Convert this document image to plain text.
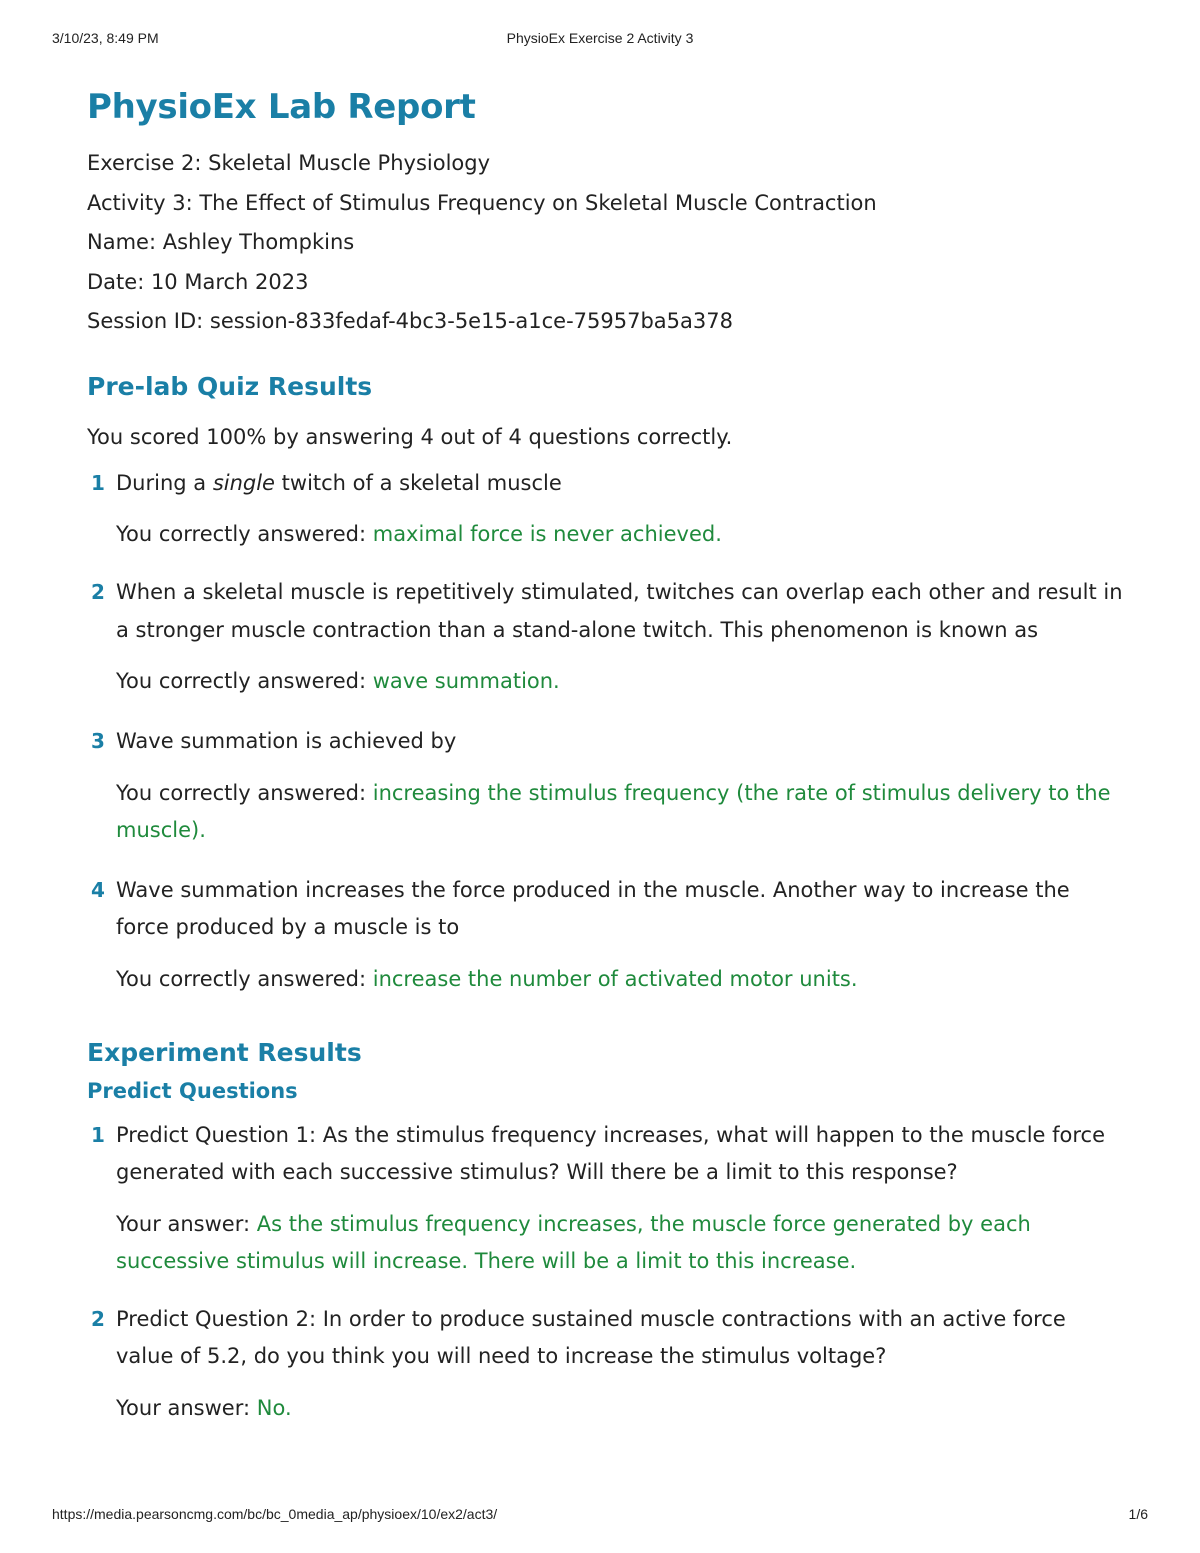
3/10/23, 8:49 PM	PhysioEx Exercise 2 Activity 3
PhysioEx Lab Report
Exercise 2: Skeletal Muscle Physiology
Activity 3: The Effect of Stimulus Frequency on Skeletal Muscle Contraction
Name: Ashley Thompkins
Date: 10 March 2023
Session ID: session-833fedaf-4bc3-5e15-a1ce-75957ba5a378
Pre-lab Quiz Results
You scored 100% by answering 4 out of 4 questions correctly.
1 During a single twitch of a skeletal muscle
You correctly answered: maximal force is never achieved.
2 When a skeletal muscle is repetitively stimulated, twitches can overlap each other and result in a stronger muscle contraction than a stand-alone twitch. This phenomenon is known as
You correctly answered: wave summation.
3 Wave summation is achieved by
You correctly answered: increasing the stimulus frequency (the rate of stimulus delivery to the muscle).
4 Wave summation increases the force produced in the muscle. Another way to increase the force produced by a muscle is to
You correctly answered: increase the number of activated motor units.
Experiment Results
Predict Questions
1 Predict Question 1: As the stimulus frequency increases, what will happen to the muscle force generated with each successive stimulus? Will there be a limit to this response?
Your answer: As the stimulus frequency increases, the muscle force generated by each successive stimulus will increase. There will be a limit to this increase.
2 Predict Question 2: In order to produce sustained muscle contractions with an active force value of 5.2, do you think you will need to increase the stimulus voltage?
Your answer: No.
https://media.pearsoncmg.com/bc/bc_0media_ap/physioex/10/ex2/act3/	1/6
